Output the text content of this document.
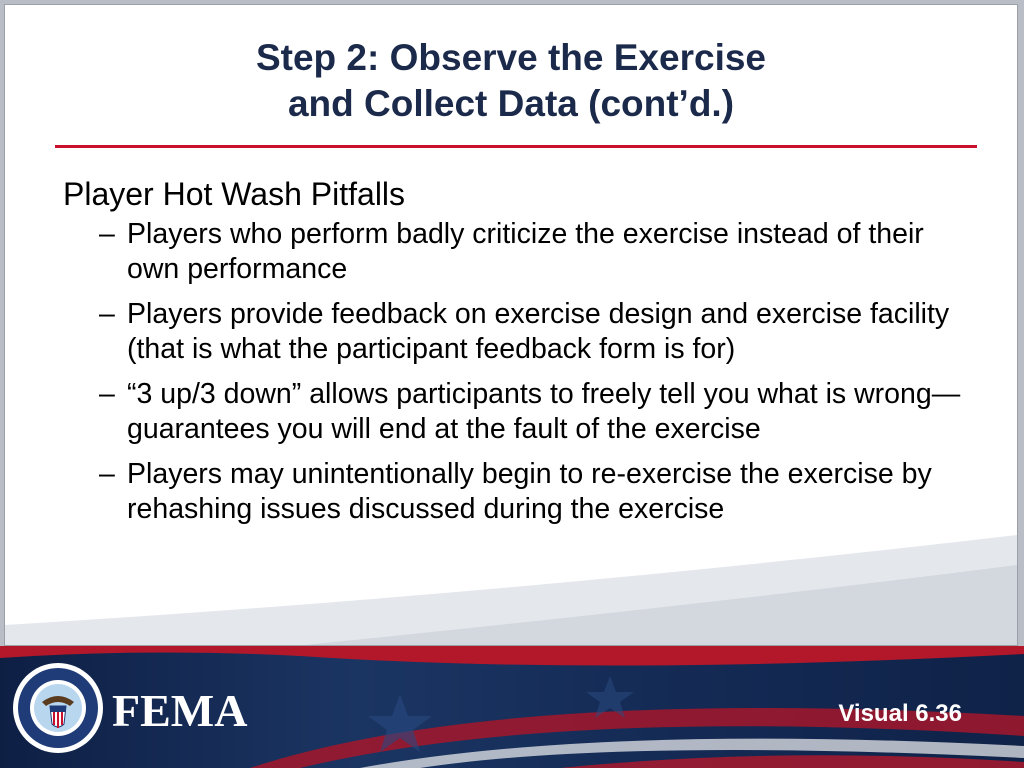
Step 2: Observe the Exercise
and Collect Data (cont’d.)
Player Hot Wash Pitfalls
– Players who perform badly criticize the exercise instead of their own performance
– Players provide feedback on exercise design and exercise facility (that is what the participant feedback form is for)
– “3 up/3 down” allows participants to freely tell you what is wrong—guarantees you will end at the fault of the exercise
– Players may unintentionally begin to re-exercise the exercise by rehashing issues discussed during the exercise
FEMA	Visual 6.36
